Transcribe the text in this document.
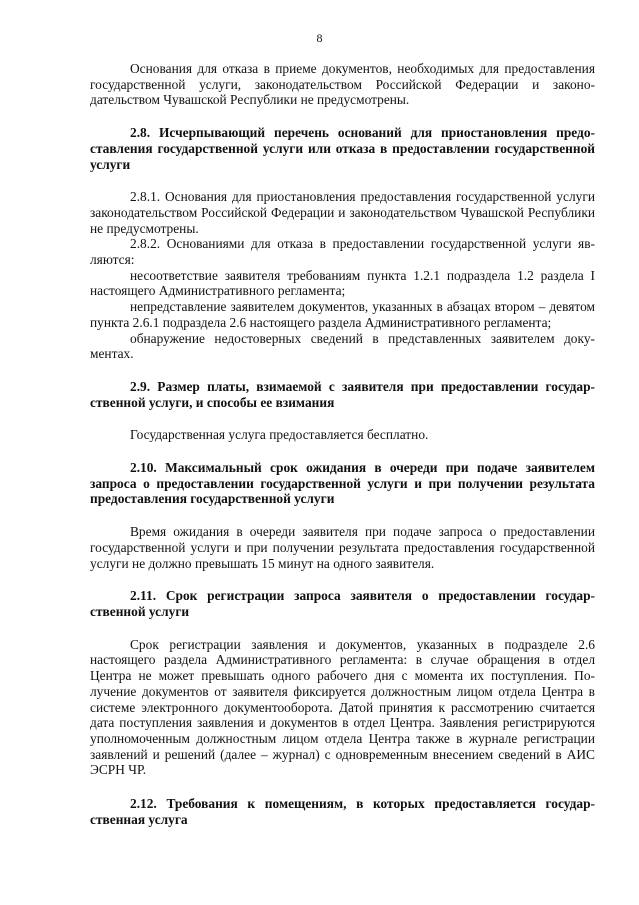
8

Основания для отказа в приеме документов, необходимых для предоставления государственной услуги, законодательством Российской Федерации и законодательством Чувашской Республики не предусмотрены.

2.8. Исчерпывающий перечень оснований для приостановления предоставления государственной услуги или отказа в предоставлении государственной услуги

2.8.1. Основания для приостановления предоставления государственной услуги законодательством Российской Федерации и законодательством Чувашской Республики не предусмотрены.

2.8.2. Основаниями для отказа в предоставлении государственной услуги являются:

несоответствие заявителя требованиям пункта 1.2.1 подраздела 1.2 раздела I настоящего Административного регламента;

непредставление заявителем документов, указанных в абзацах втором – девятом пункта 2.6.1 подраздела 2.6 настоящего раздела Административного регламента;

обнаружение недостоверных сведений в представленных заявителем документах.

2.9. Размер платы, взимаемой с заявителя при предоставлении государственной услуги, и способы ее взимания

Государственная услуга предоставляется бесплатно.

2.10. Максимальный срок ожидания в очереди при подаче заявителем запроса о предоставлении государственной услуги и при получении результата предоставления государственной услуги

Время ожидания в очереди заявителя при подаче запроса о предоставлении государственной услуги и при получении результата предоставления государственной услуги не должно превышать 15 минут на одного заявителя.

2.11. Срок регистрации запроса заявителя о предоставлении государственной услуги

Срок регистрации заявления и документов, указанных в подразделе 2.6 настоящего раздела Административного регламента: в случае обращения в отдел Центра не может превышать одного рабочего дня с момента их поступления. Получение документов от заявителя фиксируется должностным лицом отдела Центра в системе электронного документооборота. Датой принятия к рассмотрению считается дата поступления заявления и документов в отдел Центра. Заявления регистрируются уполномоченным должностным лицом отдела Центра также в журнале регистрации заявлений и решений (далее – журнал) с одновременным внесением сведений в АИС ЭСРН ЧР.

2.12. Требования к помещениям, в которых предоставляется государственная услуга
